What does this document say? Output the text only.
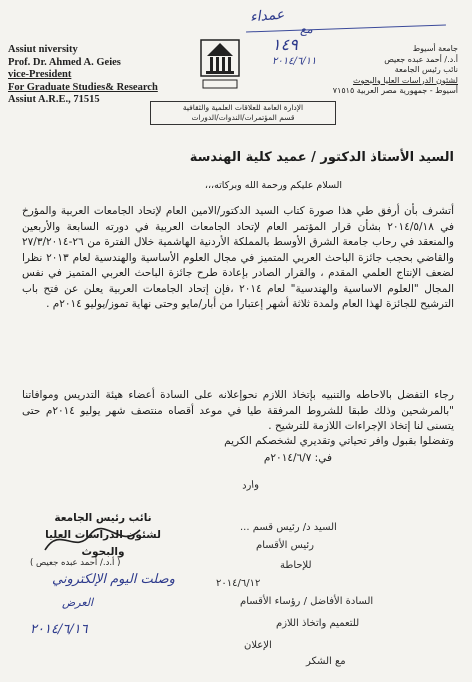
عمداء
١٤٩
٢٠١٤/٦/١١
Assiut niversity
Prof. Dr. Ahmed A. Geies
vice-President
For Graduate Studies& Research
Assiut A.R.E., 71515
جامعة أسيوط
أ.د./ أحمد عبده جعيص
نائب رئيس الجامعة
لشئون الدراسات العليا والبحوث
أسيوط - جمهورية مصر العربية ٧١٥١٥
الإدارة العامة للعلاقات العلمية والثقافية
قسم المؤتمرات/الندوات/الدورات
السيد الأستاذ الدكتور / عميد كلية الهندسة
السلام عليكم ورحمة الله وبركاته،،،
أتشرف بأن أرفق طي هذا صورة كتاب السيد الدكتور/الامين العام لإتحاد الجامعات العربية والمؤرخ في ٢٠١٤/٥/١٨ بشأن قرار المؤتمر العام لإتحاد الجامعات العربية في دورته السابعة والأربعين والمنعقد في رحاب جامعة الشرق الأوسط بالمملكة الأردنية الهاشمية خلال الفترة من ٢٦-٢٧/٣/٢٠١٤ والقاضي بحجب جائزة الباحث العربي المتميز في مجال العلوم الأساسية والهندسية لعام ٢٠١٣ نظرا لضعف الإنتاج العلمي المقدم ، والقرار الصادر بإعادة طرح جائزة الباحث العربي المتميز في نفس المجال "العلوم الاساسية والهندسية" لعام ٢٠١٤ ،فإن إتحاد الجامعات العربية يعلن عن فتح باب الترشيح للجائزة لهذا العام ولمدة ثلاثة أشهر إعتبارا من أبار/مايو وحتى نهاية تموز/يوليو ٢٠١٤م .
رجاء التفضل بالاحاطه والتنبيه بإتخاذ اللازم نحوإعلانه على السادة أعضاء هيئة التدريس وموافاتنا "بالمرشحين وذلك طبقا للشروط المرفقة طيا في موعد أقصاه منتصف شهر يوليو ٢٠١٤م حتى يتسنى لنا إتخاذ الإجراءات اللازمة للترشيح .
وتفضلوا بقبول وافر تحياتي وتقديري لشخصكم الكريم
في: ٢٠١٤/٦/٧م
نائب رئيس الجامعة
لشئون الدراسات العليا والبحوث
( أ.د./ أحمد عبده جعيص )
وارد
السيد د/ رئيس قسم ...
رئيس الأقسام
للإحاطة
٢٠١٤/٦/١٢
السادة الأفاضل / رؤساء الأقسام
للتعميم واتخاذ اللازم
الإعلان
مع الشكر
وصلت اليوم الإلكتروني
العرض
٢٠١٤/٦/١٦
